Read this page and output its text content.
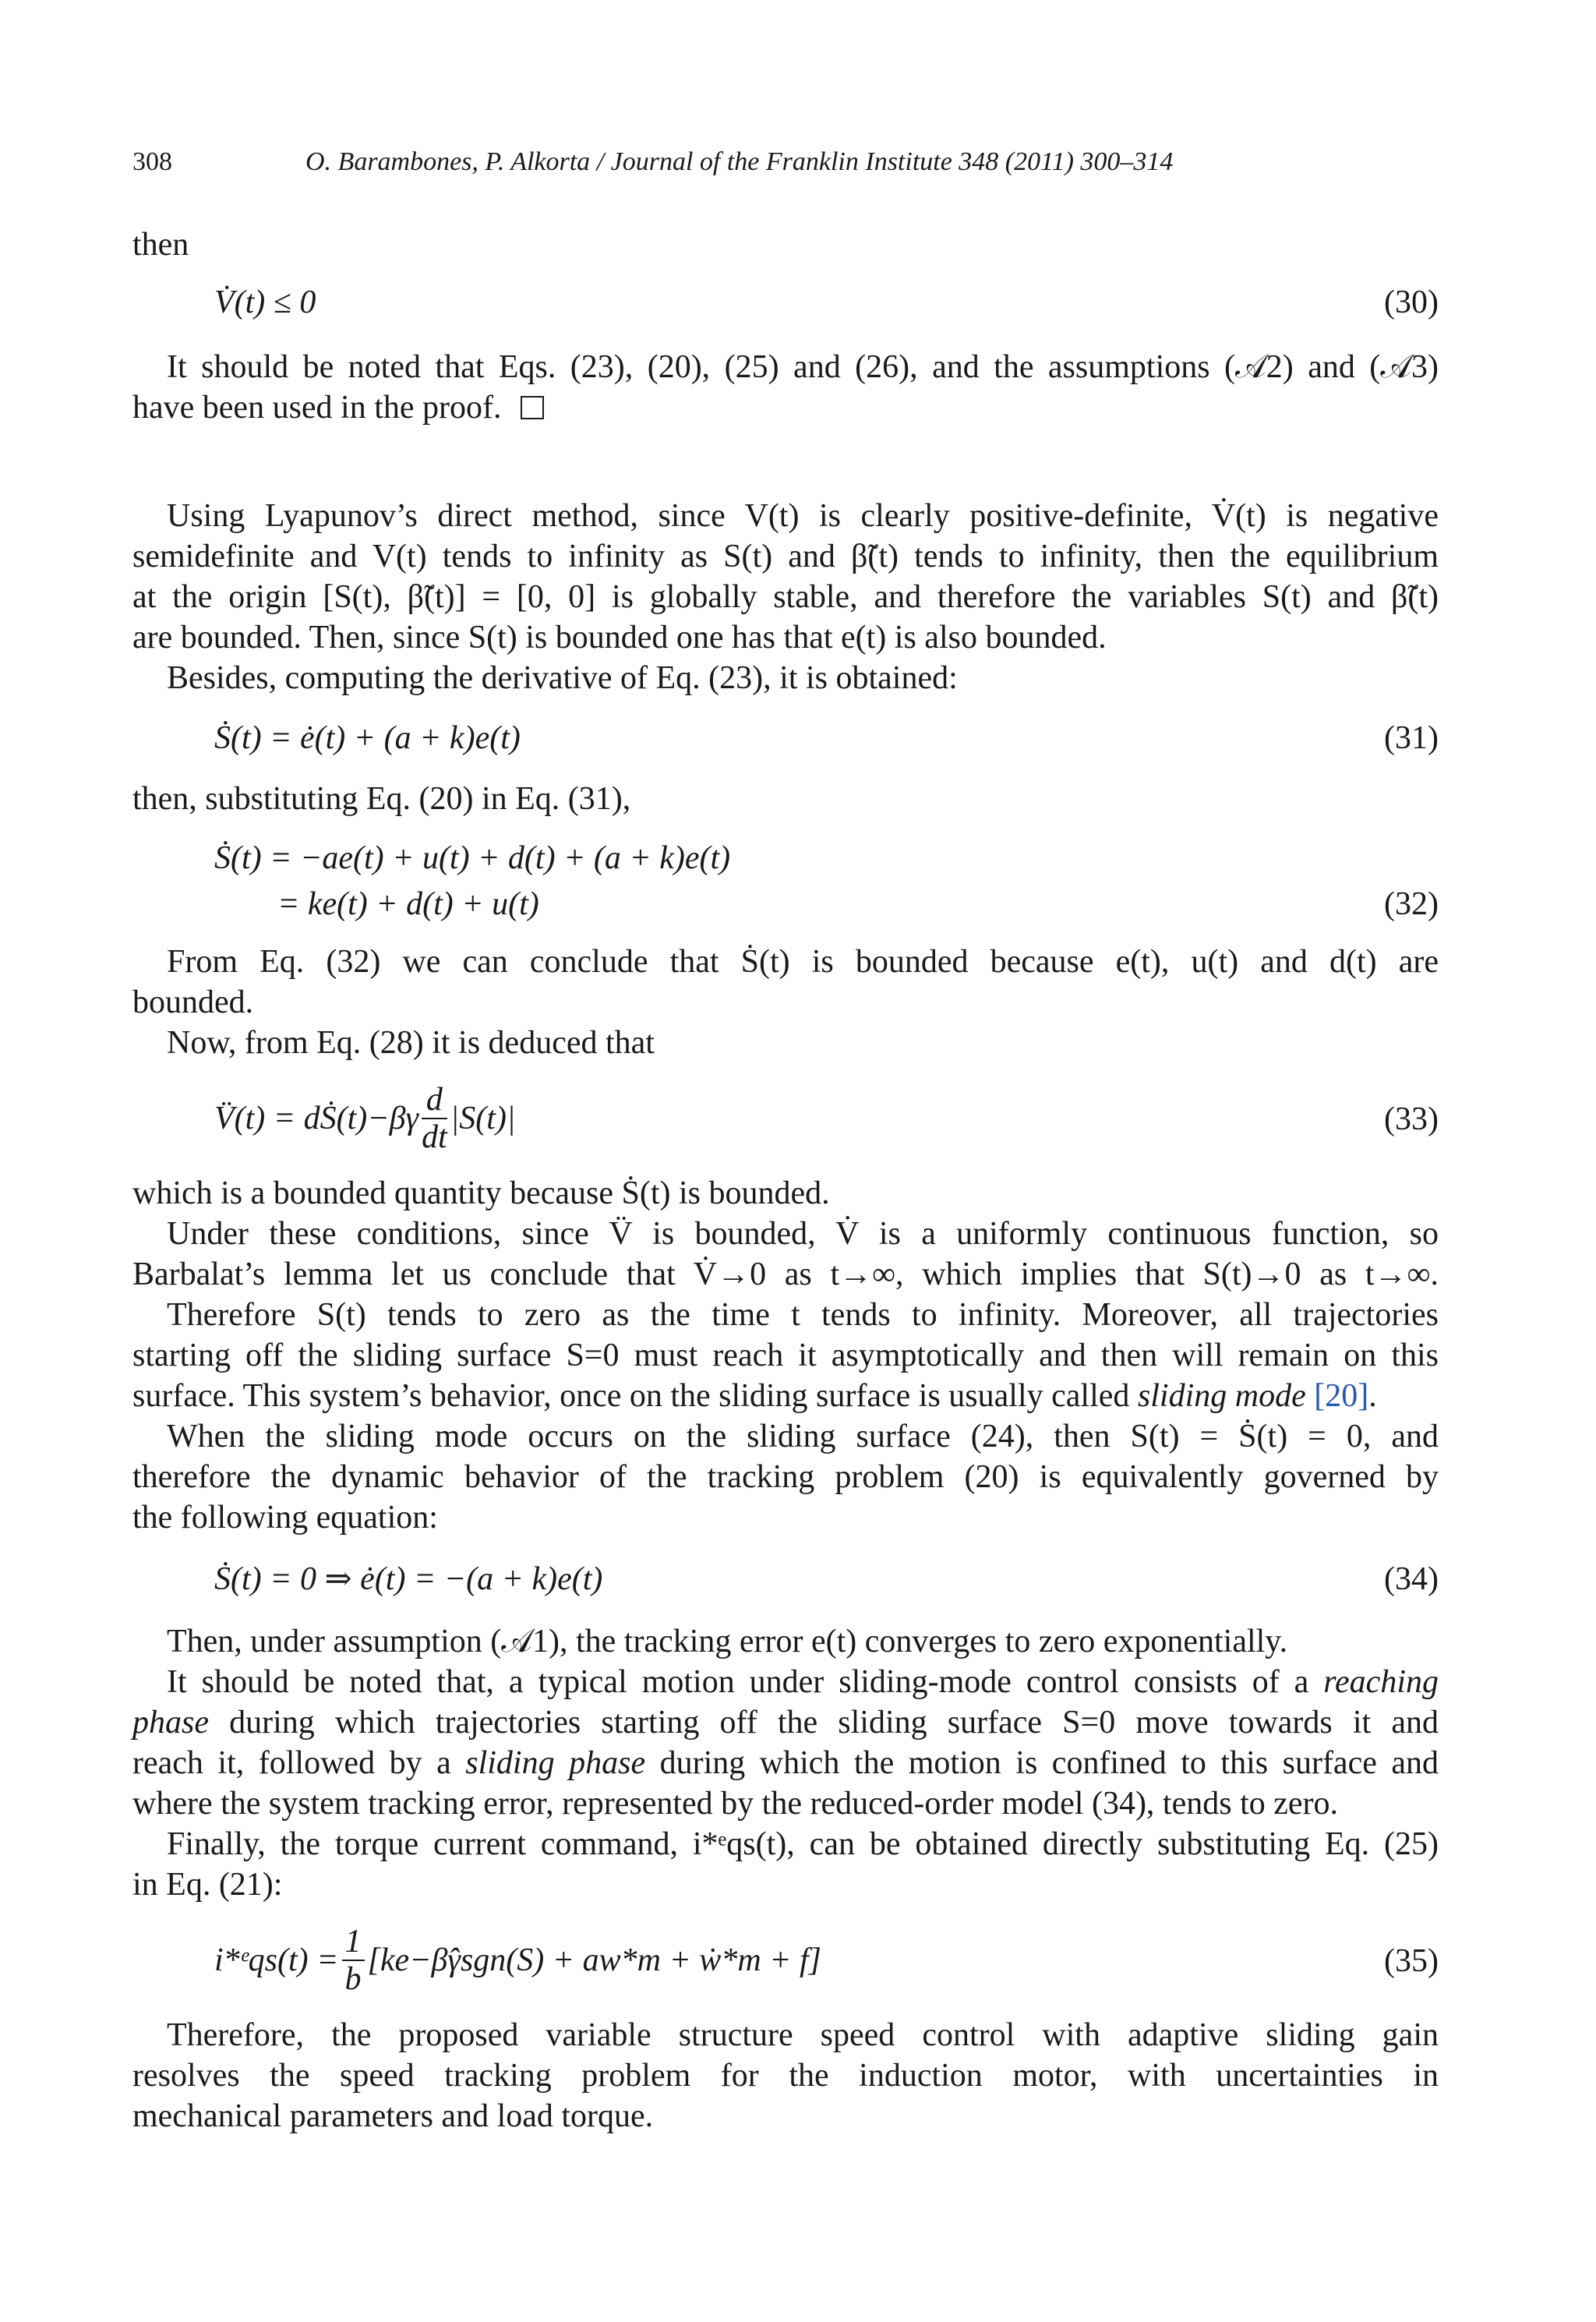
308	O. Barambones, P. Alkorta / Journal of the Franklin Institute 348 (2011) 300–314
then
V̇(t) ≤ 0	(30)
It should be noted that Eqs. (23), (20), (25) and (26), and the assumptions (𝒜2) and (𝒜3)
have been used in the proof.
Using Lyapunov’s direct method, since V(t) is clearly positive-definite, V̇(t) is negative
semidefinite and V(t) tends to infinity as S(t) and β̃(t) tends to infinity, then the equilibrium
at the origin [S(t), β̃(t)] = [0, 0] is globally stable, and therefore the variables S(t) and β̃(t)
are bounded. Then, since S(t) is bounded one has that e(t) is also bounded.
Besides, computing the derivative of Eq. (23), it is obtained:
Ṡ(t) = ė(t) + (a + k)e(t)	(31)
then, substituting Eq. (20) in Eq. (31),
Ṡ(t) = −ae(t) + u(t) + d(t) + (a + k)e(t)
= ke(t) + d(t) + u(t)	(32)
From Eq. (32) we can conclude that Ṡ(t) is bounded because e(t), u(t) and d(t) are
bounded.
Now, from Eq. (28) it is deduced that
V̈(t) = dṠ(t)−βγ $\frac{d}{dt} |S(t)|$	(33)
which is a bounded quantity because Ṡ(t) is bounded.
Under these conditions, since V̈ is bounded, V̇ is a uniformly continuous function, so
Barbalat’s lemma let us conclude that V̇→0 as t→∞, which implies that S(t)→0 as t→∞.
Therefore S(t) tends to zero as the time t tends to infinity. Moreover, all trajectories
starting off the sliding surface S=0 must reach it asymptotically and then will remain on this
surface. This system’s behavior, once on the sliding surface is usually called sliding mode [20].
When the sliding mode occurs on the sliding surface (24), then S(t) = Ṡ(t) = 0, and
therefore the dynamic behavior of the tracking problem (20) is equivalently governed by
the following equation:
Ṡ(t) = 0 ⇒ ė(t) = −(a + k)e(t)	(34)
Then, under assumption (𝒜1), the tracking error e(t) converges to zero exponentially.
It should be noted that, a typical motion under sliding-mode control consists of a reaching
phase during which trajectories starting off the sliding surface S=0 move towards it and
reach it, followed by a sliding phase during which the motion is confined to this surface and
where the system tracking error, represented by the reduced-order model (34), tends to zero.
Finally, the torque current command, i*ᵉqs(t), can be obtained directly substituting Eq. (25)
in Eq. (21):
i*ᵉqs(t) = $\frac{1}{b}$ [ke−β̂γsgn(S) + aw*m + ẇ*m + f]	(35)
Therefore, the proposed variable structure speed control with adaptive sliding gain
resolves the speed tracking problem for the induction motor, with uncertainties in
mechanical parameters and load torque.
